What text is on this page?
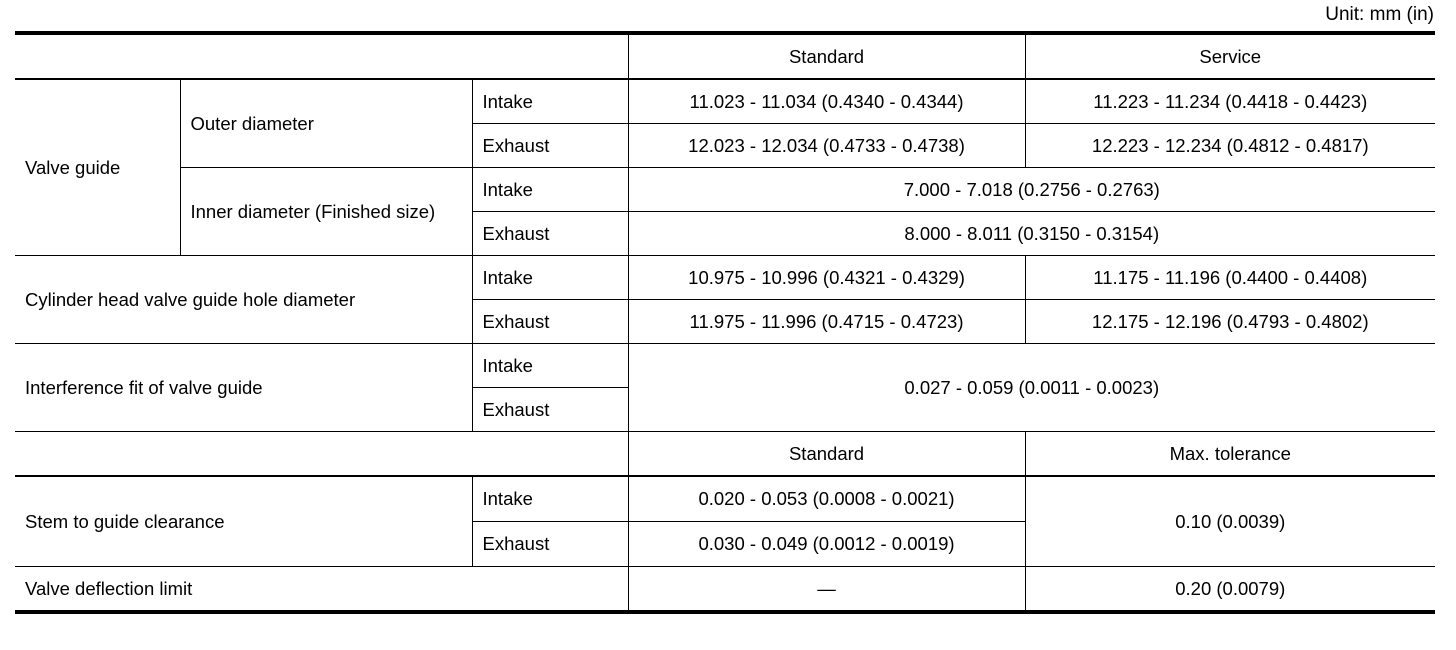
Unit: mm (in)
			Standard	Service
Valve guide	Outer diameter	Intake	11.023 - 11.034 (0.4340 - 0.4344)	11.223 - 11.234 (0.4418 - 0.4423)
		Exhaust	12.023 - 12.034 (0.4733 - 0.4738)	12.223 - 12.234 (0.4812 - 0.4817)
	Inner diameter (Finished size)	Intake	7.000 - 7.018 (0.2756 - 0.2763)	
		Exhaust	8.000 - 8.011 (0.3150 - 0.3154)	
Cylinder head valve guide hole diameter		Intake	10.975 - 10.996 (0.4321 - 0.4329)	11.175 - 11.196 (0.4400 - 0.4408)
		Exhaust	11.975 - 11.996 (0.4715 - 0.4723)	12.175 - 12.196 (0.4793 - 0.4802)
Interference fit of valve guide		Intake	0.027 - 0.059 (0.0011 - 0.0023)	
		Exhaust		
			Standard	Max. tolerance
Stem to guide clearance		Intake	0.020 - 0.053 (0.0008 - 0.0021)	0.10 (0.0039)
		Exhaust	0.030 - 0.049 (0.0012 - 0.0019)	
Valve deflection limit			—	0.20 (0.0079)
